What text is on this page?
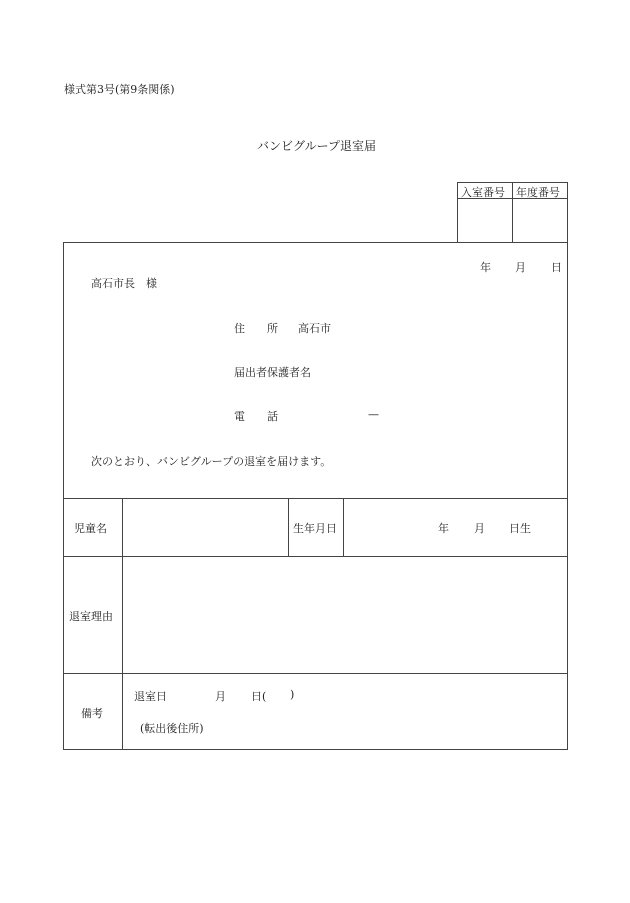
様式第3号(第9条関係)
バンビグループ退室届
入室番号 年度番号
年 月 日
高石市長　様
住　　所 高石市
届出者保護者名
電　　話	—
次のとおり、バンビグループの退室を届けます。
児童名	生年月日	年 月 日生
退室理由
備考
退室日	月 日( )
(転出後住所)
